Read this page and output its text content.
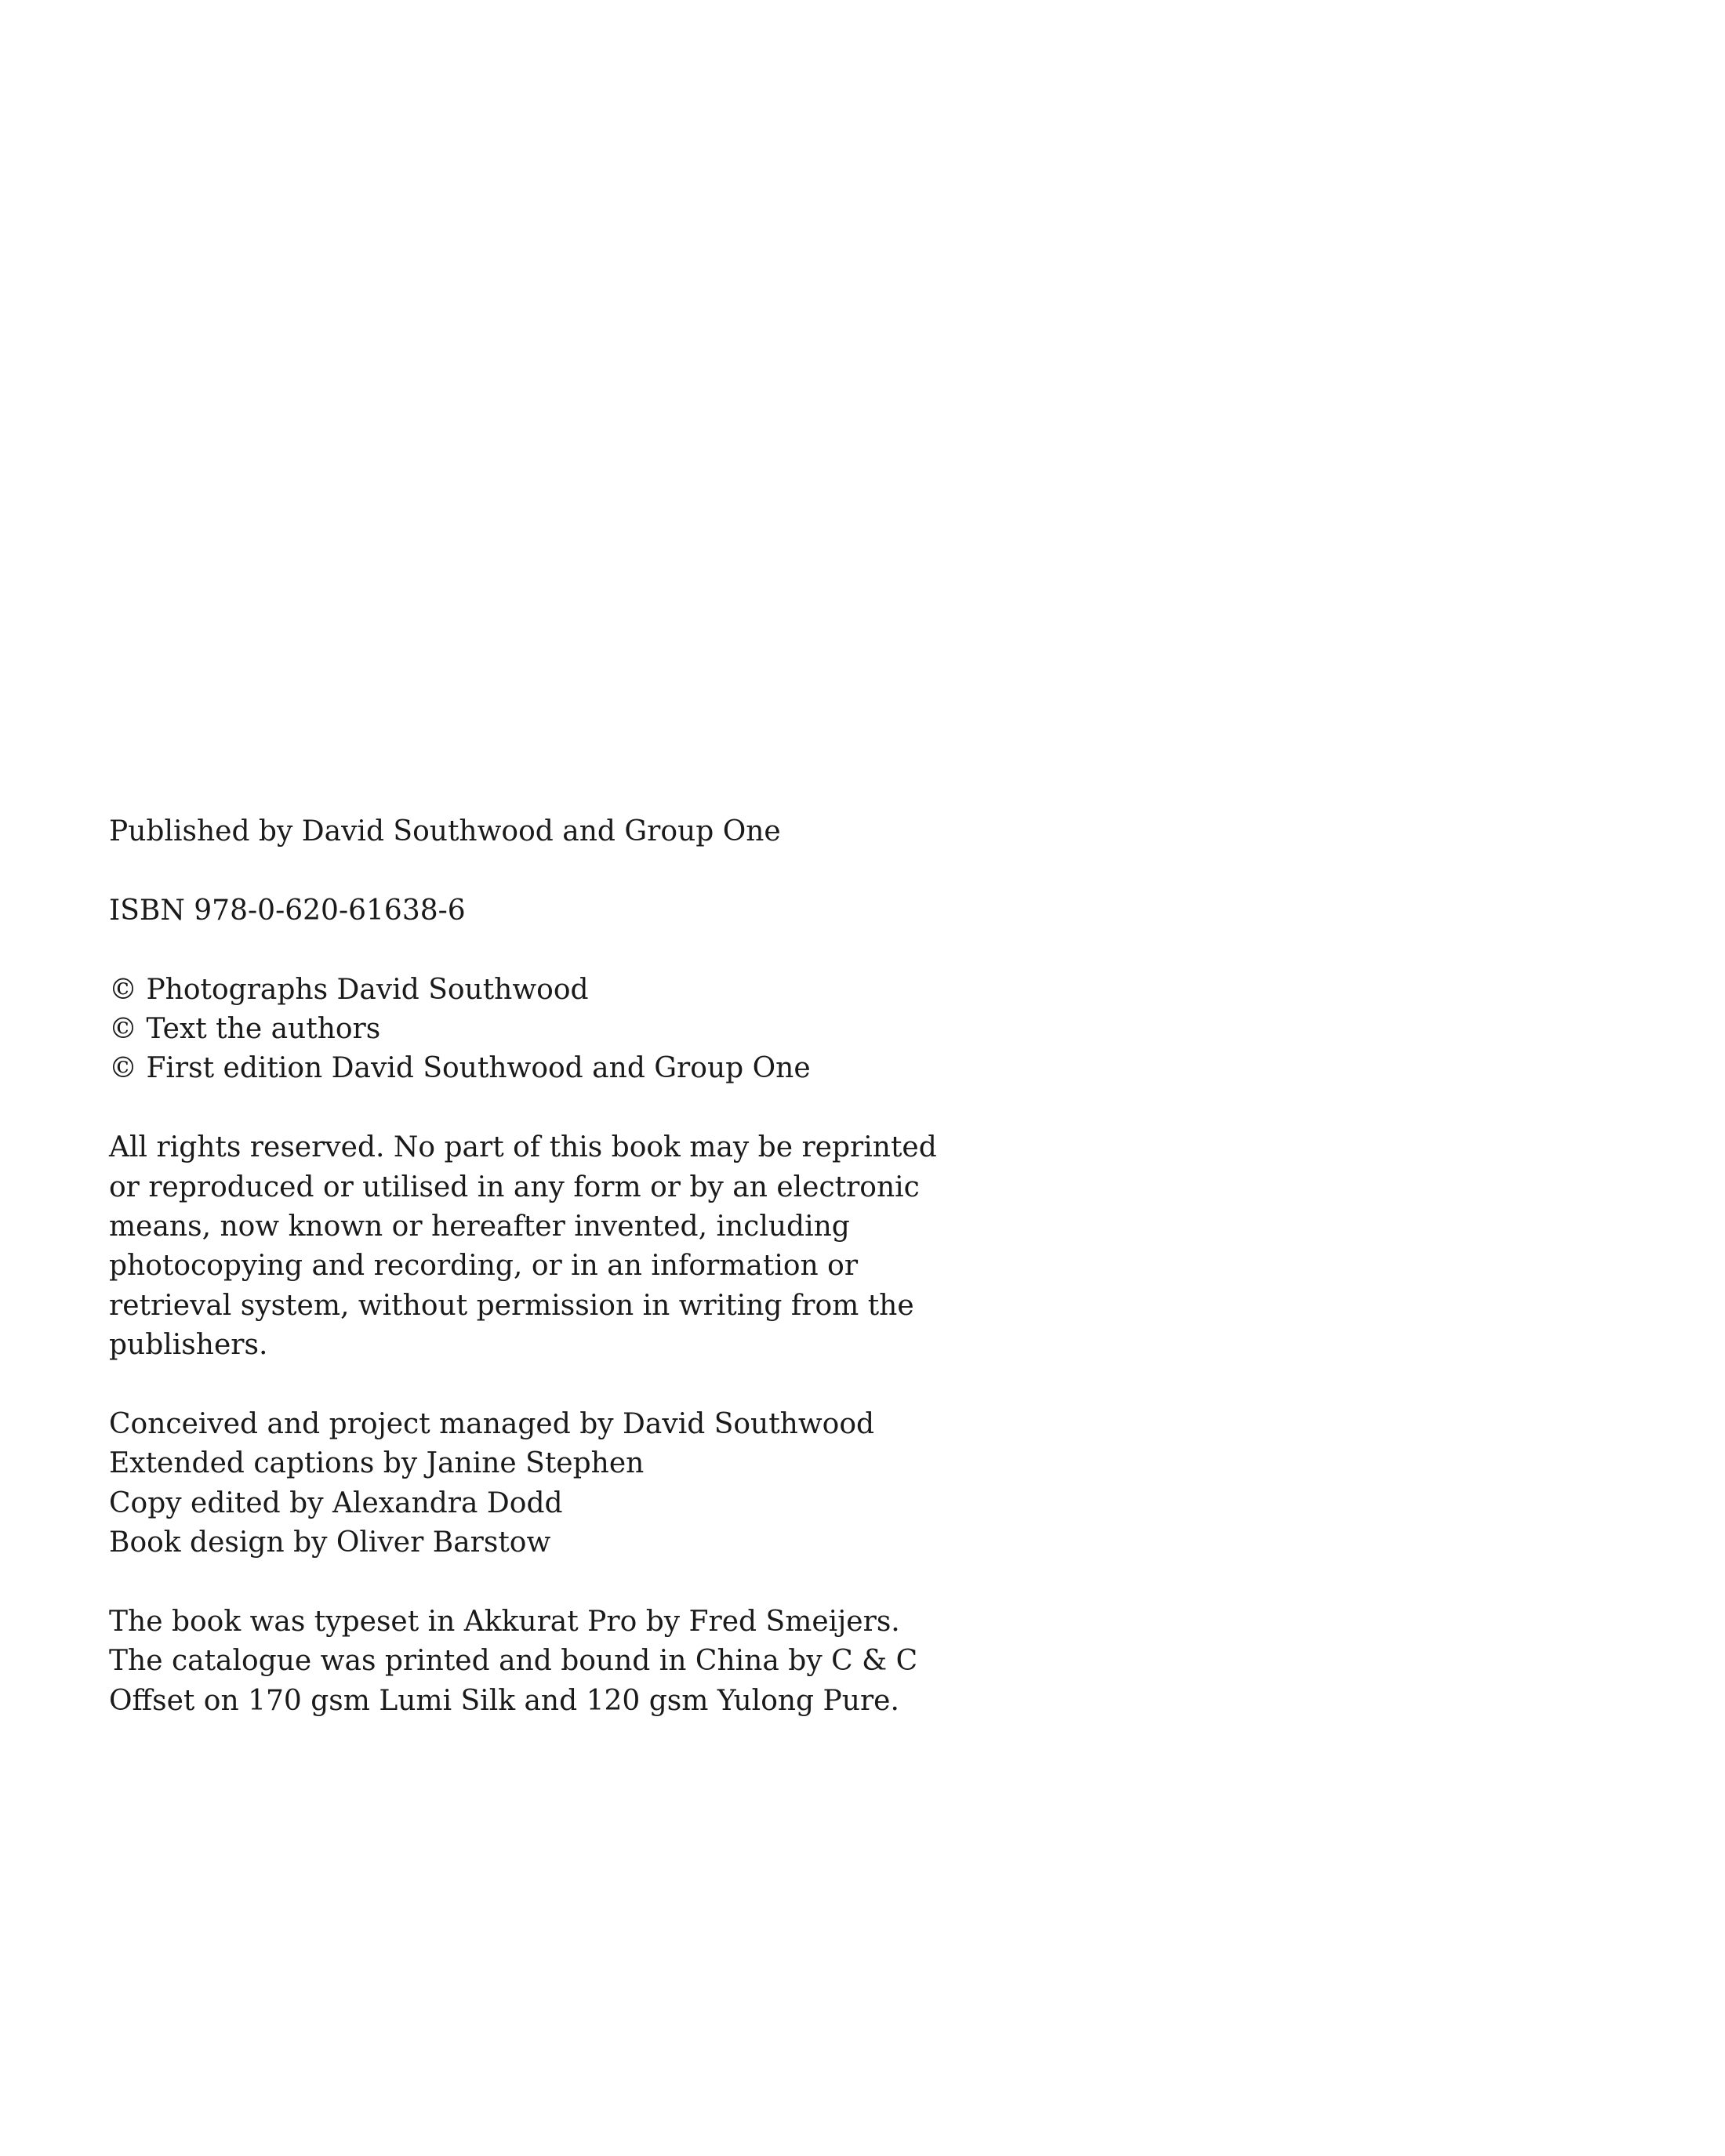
Published by David Southwood and Group One
ISBN 978-0-620-61638-6
© Photographs David Southwood
© Text the authors
© First edition David Southwood and Group One
All rights reserved. No part of this book may be reprinted
or reproduced or utilised in any form or by an electronic
means, now known or hereafter invented, including
photocopying and recording, or in an information or
retrieval system, without permission in writing from the
publishers.
Conceived and project managed by David Southwood
Extended captions by Janine Stephen
Copy edited by Alexandra Dodd
Book design by Oliver Barstow
The book was typeset in Akkurat Pro by Fred Smeijers.
The catalogue was printed and bound in China by C & C
Offset on 170 gsm Lumi Silk and 120 gsm Yulong Pure.
